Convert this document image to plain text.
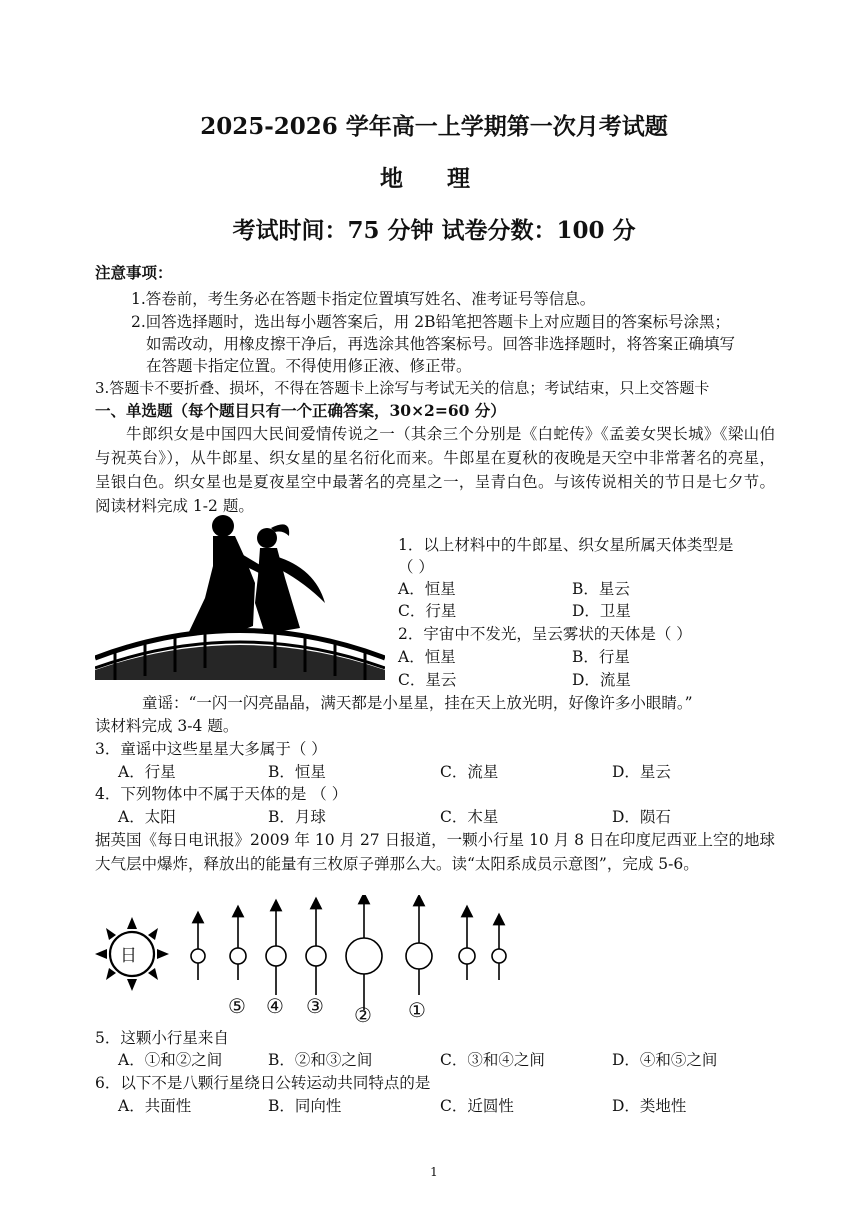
2025-2026 学年高一上学期第一次月考试题
地 理
考试时间：75 分钟 试卷分数：100 分
注意事项：
1.答卷前，考生务必在答题卡指定位置填写姓名、准考证号等信息。
2.回答选择题时，选出每小题答案后，用 2B铅笔把答题卡上对应题目的答案标号涂黑；
如需改动，用橡皮擦干净后，再选涂其他答案标号。回答非选择题时，将答案正确填写
在答题卡指定位置。不得使用修正液、修正带。
3.答题卡不要折叠、损坏，不得在答题卡上涂写与考试无关的信息；考试结束，只上交答题卡
一、单选题（每个题目只有一个正确答案，30×2=60 分）
牛郎织女是中国四大民间爱情传说之一（其余三个分别是《白蛇传》《孟姜女哭长城》《梁山伯与祝英台》），从牛郎星、织女星的星名衍化而来。牛郎星在夏秋的夜晚是天空中非常著名的亮星，呈银白色。织女星也是夏夜星空中最著名的亮星之一，呈青白色。与该传说相关的节日是七夕节。阅读材料完成 1-2 题。
1．以上材料中的牛郎星、织女星所属天体类型是
（ ）
A．恒星	B．星云
C．行星	D．卫星
2．宇宙中不发光，呈云雾状的天体是（ ）
A．恒星	B．行星
C．星云	D．流星
童谣：“一闪一闪亮晶晶，满天都是小星星，挂在天上放光明，好像许多小眼睛。”
读材料完成 3-4 题。
3．童谣中这些星星大多属于（ ）
A．行星	B．恒星	C．流星	D．星云
4．下列物体中不属于天体的是 （ ）
A．太阳	B．月球	C．木星	D．陨石
据英国《每日电讯报》2009 年 10 月 27 日报道，一颗小行星 10 月 8 日在印度尼西亚上空的地球大气层中爆炸，释放出的能量有三枚原子弹那么大。读“太阳系成员示意图”，完成 5-6。
日
⑤ ④ ③ ② ①
5．这颗小行星来自
A．①和②之间	B．②和③之间	C．③和④之间	D．④和⑤之间
6．以下不是八颗行星绕日公转运动共同特点的是
A．共面性	B．同向性	C．近圆性	D．类地性
1
